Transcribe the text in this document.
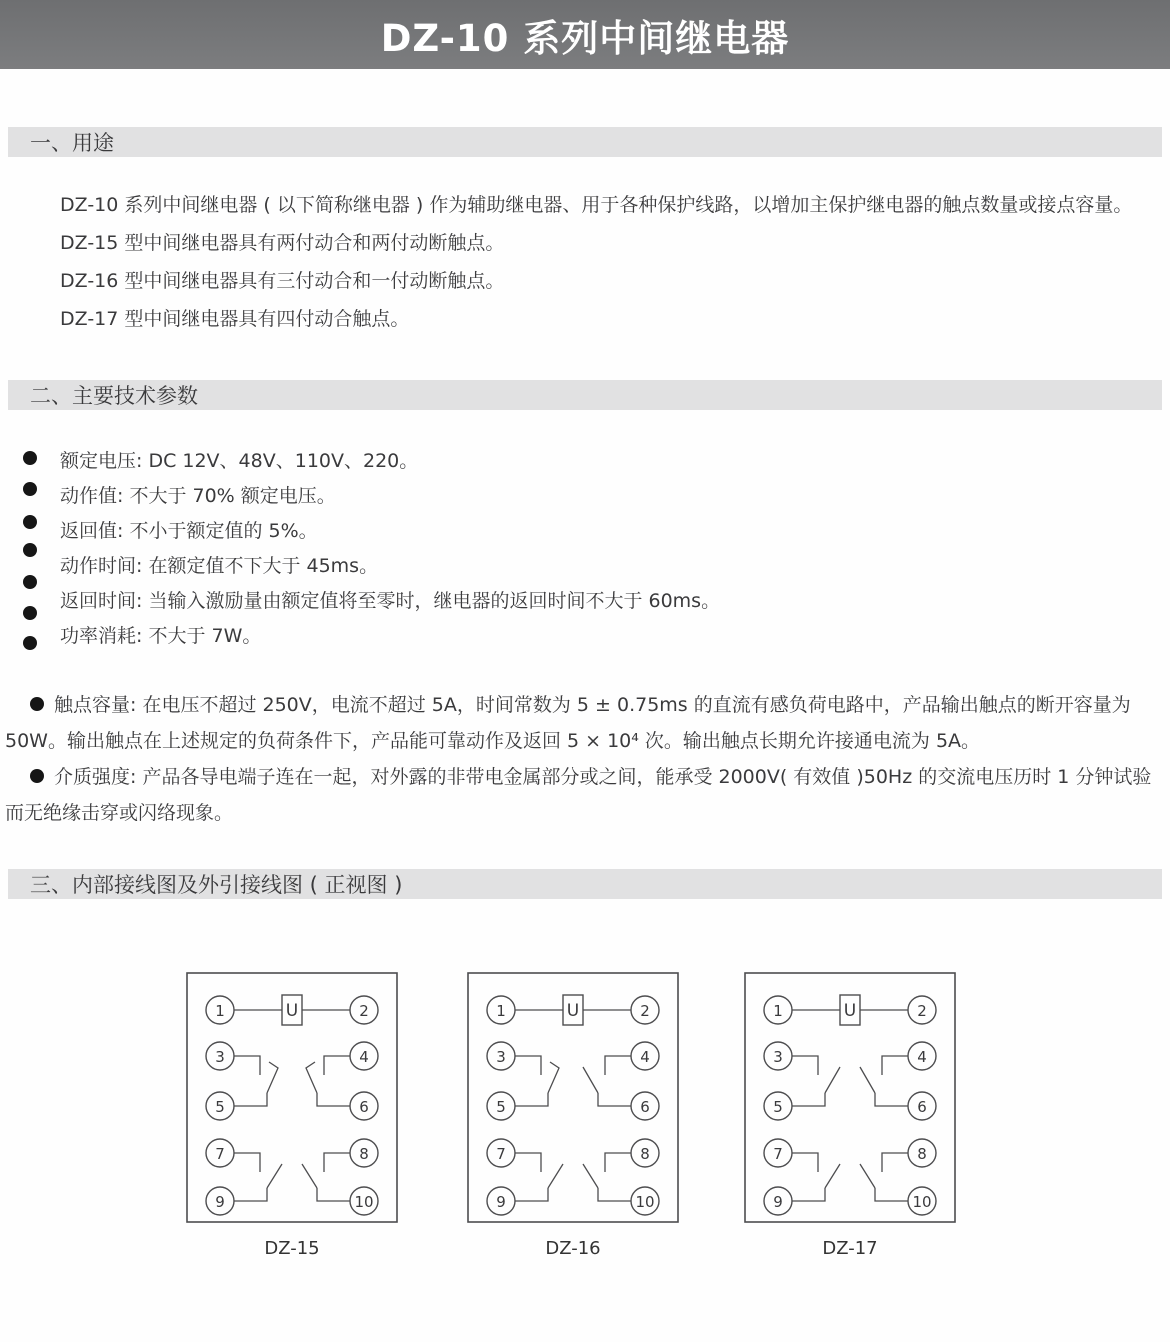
DZ-10 系列中间继电器
一、用途

DZ-10 系列中间继电器 ( 以下简称继电器 ) 作为辅助继电器、用于各种保护线路，以增加主保护继电器的触点数量或接点容量。

DZ-15 型中间继电器具有两付动合和两付动断触点。

DZ-16 型中间继电器具有三付动合和一付动断触点。

DZ-17 型中间继电器具有四付动合触点。

二、主要技术参数
额定电压: DC 12V、48V、110V、220。
动作值: 不大于 70% 额定电压。
返回值: 不小于额定值的 5%。
动作时间: 在额定值不下大于 45ms。
返回时间: 当输入激励量由额定值将至零时，继电器的返回时间不大于 60ms。
功率消耗: 不大于 7W。

触点容量: 在电压不超过 250V，电流不超过 5A，时间常数为 5 ± 0.75ms 的直流有感负荷电路中，产品输出触点的断开容量为 50W。输出触点在上述规定的负荷条件下，产品能可靠动作及返回 5 × 10⁴ 次。输出触点长期允许接通电流为 5A。

介质强度: 产品各导电端子连在一起，对外露的非带电金属部分或之间，能承受 2000V( 有效值 )50Hz 的交流电压历时 1 分钟试验而无绝缘击穿或闪络现象。

三、内部接线图及外引接线图 ( 正视图 )
U
1	2
3	4
5	6
7	8
9	10
DZ-15
U
1	2
3	4
5	6
7	8
9	10
DZ-16
U
1	2
3	4
5	6
7	8
9	10
DZ-17
